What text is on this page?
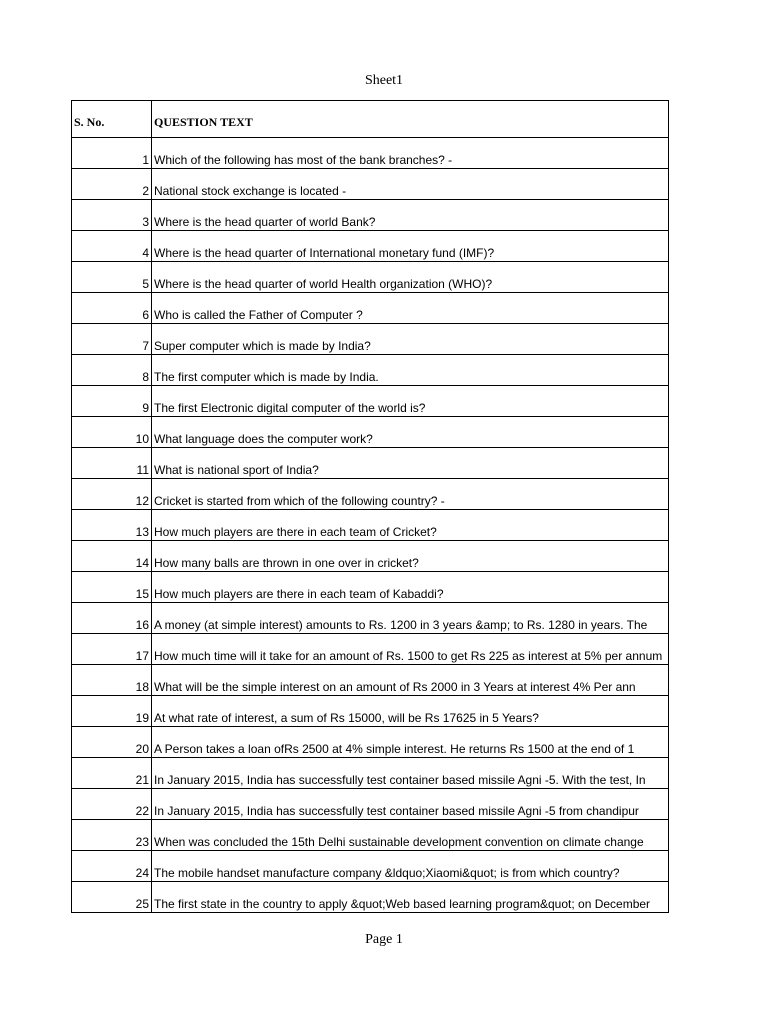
Sheet1
S. No.	QUESTION TEXT
1	Which of the following has most of the bank branches? -
2	National stock exchange is located -
3	Where is the head quarter of world Bank?
4	Where is the head quarter of International monetary fund (IMF)?
5	Where is the head quarter of world Health organization (WHO)?
6	Who is called the Father of Computer ?
7	Super computer which is made by India?
8	The first computer which is made by India.
9	The first Electronic digital computer of the world is?
10	What language does the computer work?
11	What is national sport of India?
12	Cricket is started from which of the following country? -
13	How much players are there in each team of Cricket?
14	How many balls are thrown in one over in cricket?
15	How much players are there in each team of Kabaddi?
16	A money (at simple interest) amounts to Rs. 1200 in 3 years &amp; to Rs. 1280 in years. The
17	How much time will it take for an amount of Rs. 1500 to get Rs 225 as interest at 5% per annum
18	What will be the simple interest on an amount of Rs 2000 in 3 Years at interest 4% Per ann
19	At what rate of interest, a sum of Rs 15000, will be Rs 17625 in 5 Years?
20	A Person takes a loan ofRs 2500 at 4% simple interest. He returns Rs 1500 at the end of 1
21	In January 2015, India has successfully test container based missile Agni -5. With the test, In
22	In January 2015, India has successfully test container based missile Agni -5 from chandipur
23	When was concluded the 15th Delhi sustainable development convention on climate change
24	The mobile handset manufacture company &ldquo;Xiaomi&quot; is from which country?
25	The first state in the country to apply &quot;Web based learning program&quot; on December
Page 1
